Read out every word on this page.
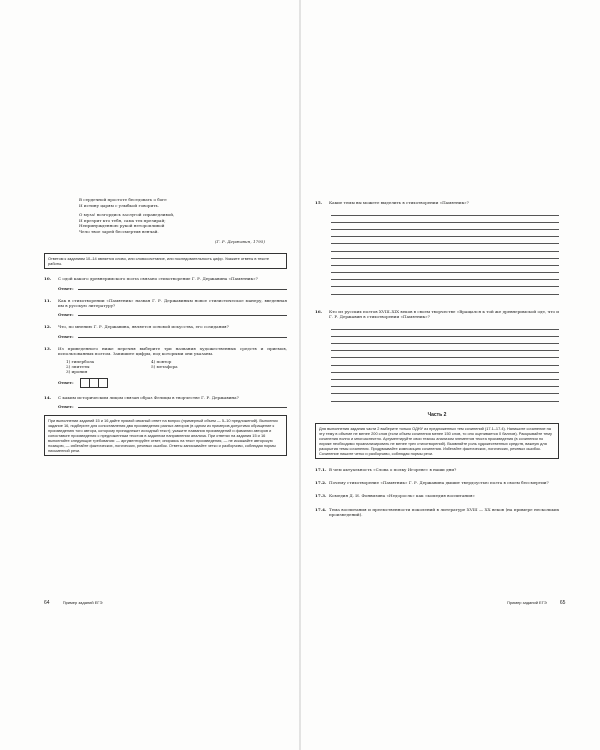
В сердечной простоте беседовать о боге
И истину царям с улыбкой говорить.
О муза! возгордись заслугой справедливой,
И презрит кто тебя, сама тех презирай;
Непринужденною рукой неторопливой
Чело твое зарей бессмертия венчай.
(Г. Р. Державин, 1795)
Ответом к заданиям 10–14 является слово, или словосочетание, или последовательность цифр. Укажите ответы в тексте работы.
10.	С одой какого древнеримского поэта связано стихотворение Г. Р. Державина «Памятник»?
Ответ:
11.	Как в стихотворении «Памятник» назван Г. Р. Державиным новое стилистическое манеру, введенная им в русскую литературу?
Ответ:
12.	Что, по мнению Г. Р. Державина, является основой искусства, его созидания?
Ответ:
13.	Из приведенного ниже перечня выберите три названия художественных средств и приемов, использованных поэтом. Запишите цифры, под которыми они указаны.
1) гипербола	4) повтор
2) эпитеты	5) метафора
3) ирония
Ответ:
14.	С каким историческим лицом связан образ Фелицы в творчестве Г. Р. Державина?
Ответ:
При выполнении заданий 15 и 16 дайте прямой связный ответ на вопрос (примерный объем — 5–10 предложений). Выполняя задание 16, подберите для сопоставления два произведения разных авторов (в одном из примеров допустимо обращение к произведению того автора, которому принадлежит исходный текст); укажите названия произведений и фамилии авторов и сопоставьте произведения с предложенным текстом в заданном направлении анализа. При ответах на задания 15 и 16 выполняйте следующие требования: — аргументируйте ответ, опираясь на текст произведения, — не искажайте авторскую позицию, — избегайте фактических, логических, речевых ошибок. Ответы записывайте четко и разборчиво, соблюдая нормы письменной речи.
64	Пример заданий ЕГЭ
15.	Какие темы вы можете выделить в стихотворении «Памятник»?
16.	Кто из русских поэтов XVIII–XIX веков в своем творчестве «Вращался к той же древнеримской оде, что и Г. Р. Державин в стихотворении «Памятник»?
Часть 2
Для выполнения задания части 2 выберите только ОДНУ из предложенных тем сочинений (17.1–17.4). Напишите сочинение на эту тему в объеме не менее 200 слов (если объем сочинения менее 150 слов, то оно оценивается 0 баллов). Раскрывайте тему сочинения полно и многоаспектно. Аргументируйте свои тезисы анализом элементов текста произведения (в сочинении по лирике необходимо проанализировать не менее трех стихотворений). Выявляйте роль художественных средств, важную для раскрытия темы сочинения. Продумывайте композицию сочинения. Избегайте фактических, логических, речевых ошибок. Сочинение пишите четко и разборчиво, соблюдая нормы речи.
17.1. В чем актуальность «Слова о полку Игореве» в наши дни?
17.2. Почему стихотворение «Памятник» Г. Р. Державина дышит твердоустью поэта в своем бессмертии?
17.3. Комедия Д. И. Фонвизина «Недоросль» как «комедия воспитания»
17.4. Тема воспитания и преемственности поколений в литературе XVIII — XX веков (на примере нескольких произведений).
Пример заданий ЕГЭ	65
